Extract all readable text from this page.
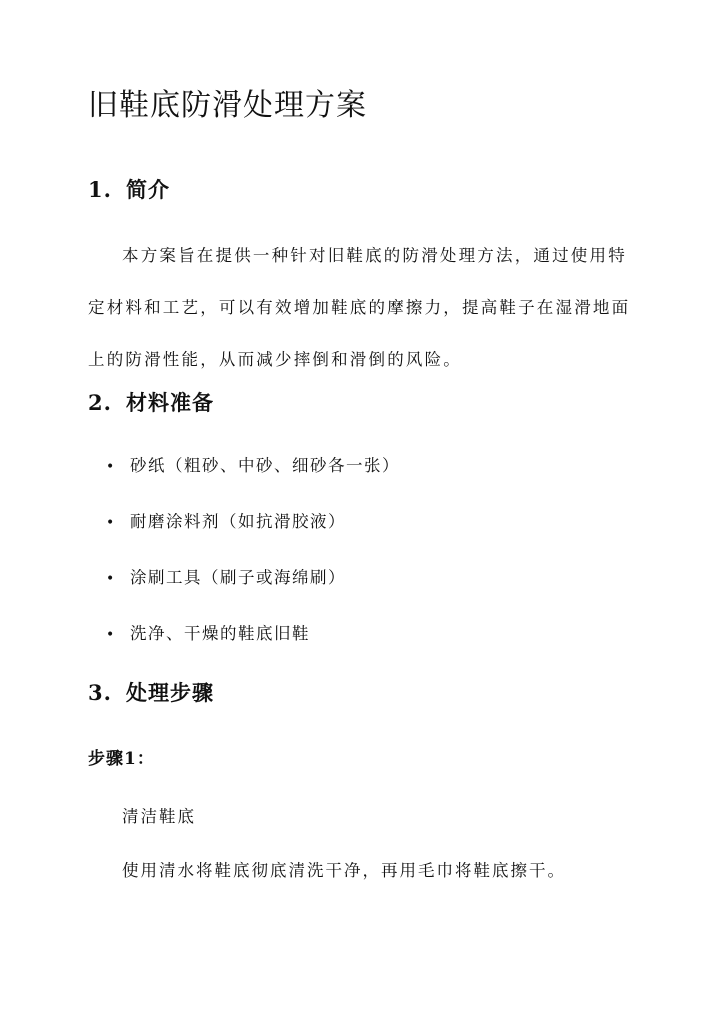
旧鞋底防滑处理方案
1. 简介

本方案旨在提供一种针对旧鞋底的防滑处理方法，通过使用特定材料和工艺，可以有效增加鞋底的摩擦力，提高鞋子在湿滑地面上的防滑性能，从而减少摔倒和滑倒的风险。

2. 材料准备
• 砂纸（粗砂、中砂、细砂各一张）
• 耐磨涂料剂（如抗滑胶液）
• 涂刷工具（刷子或海绵刷）
• 洗净、干燥的鞋底旧鞋
3. 处理步骤

步骤1：

清洁鞋底

使用清水将鞋底彻底清洗干净，再用毛巾将鞋底擦干。
